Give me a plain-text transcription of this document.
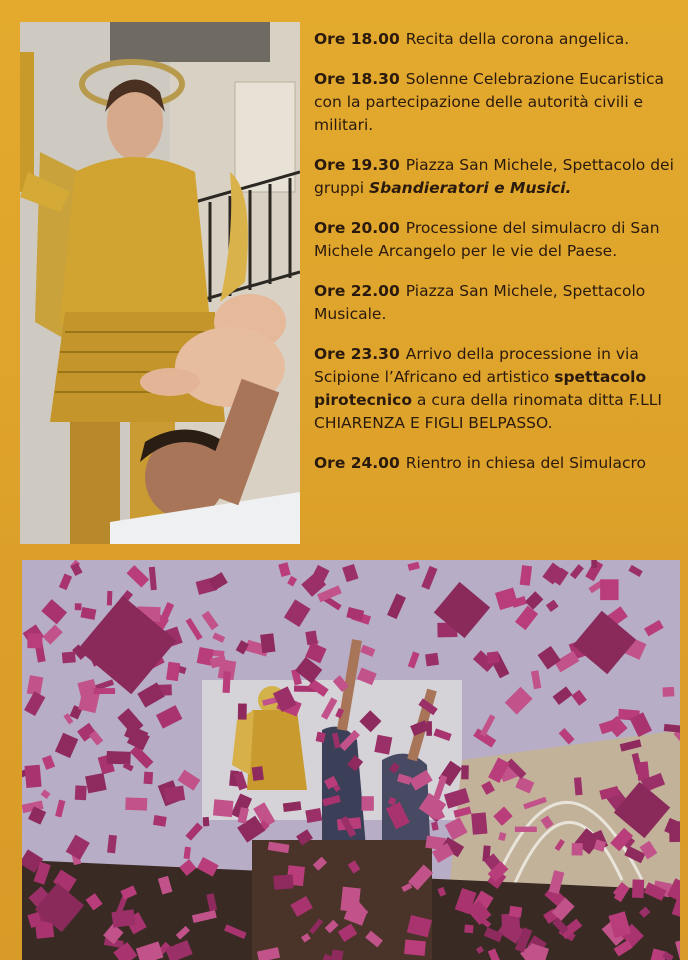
Ore 18.00 Recita della corona angelica.

Ore 18.30 Solenne Celebrazione Eucaristica con la partecipazione delle autorità civili e militari.

Ore 19.30 Piazza San Michele, Spettacolo dei gruppi Sbandieratori e Musici.

Ore 20.00 Processione del simulacro di San Michele Arcangelo per le vie del Paese.

Ore 22.00 Piazza San Michele, Spettacolo Musicale.

Ore 23.30 Arrivo della processione in via Scipione l’Africano ed artistico spettacolo pirotecnico a cura della rinomata ditta F.LLI CHIARENZA E FIGLI BELPASSO.

Ore 24.00 Rientro in chiesa del Simulacro
